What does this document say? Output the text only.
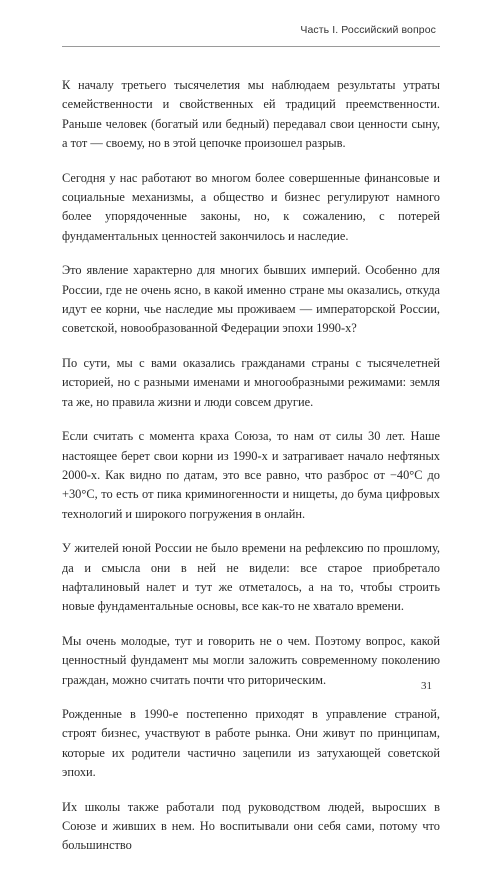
Часть I. Российский вопрос

К началу третьего тысячелетия мы наблюдаем результаты утраты семейственности и свойственных ей традиций преемственности. Раньше человек (богатый или бедный) передавал свои ценности сыну, а тот — своему, но в этой цепочке произошел разрыв.

Сегодня у нас работают во многом более совершенные финансовые и социальные механизмы, а общество и бизнес регулируют намного более упорядоченные законы, но, к сожалению, с потерей фундаментальных ценностей закончилось и наследие.

Это явление характерно для многих бывших империй. Особенно для России, где не очень ясно, в какой именно стране мы оказались, откуда идут ее корни, чье наследие мы проживаем — императорской России, советской, новообразованной Федерации эпохи 1990-х?

По сути, мы с вами оказались гражданами страны с тысячелетней историей, но с разными именами и многообразными режимами: земля та же, но правила жизни и люди совсем другие.

Если считать с момента краха Союза, то нам от силы 30 лет. Наше настоящее берет свои корни из 1990-х и затрагивает начало нефтяных 2000-х. Как видно по датам, это все равно, что разброс от −40°С до +30°С, то есть от пика криминогенности и нищеты, до бума цифровых технологий и широкого погружения в онлайн.

У жителей юной России не было времени на рефлексию по прошлому, да и смысла они в ней не видели: все старое приобретало нафталиновый налет и тут же отметалось, а на то, чтобы строить новые фундаментальные основы, все как-то не хватало времени.

Мы очень молодые, тут и говорить не о чем. Поэтому вопрос, какой ценностный фундамент мы могли заложить современному поколению граждан, можно считать почти что риторическим.

Рожденные в 1990-е постепенно приходят в управление страной, строят бизнес, участвуют в работе рынка. Они живут по принципам, которые их родители частично зацепили из затухающей советской эпохи.

Их школы также работали под руководством людей, выросших в Союзе и живших в нем. Но воспитывали они себя сами, потому что большинство

31
